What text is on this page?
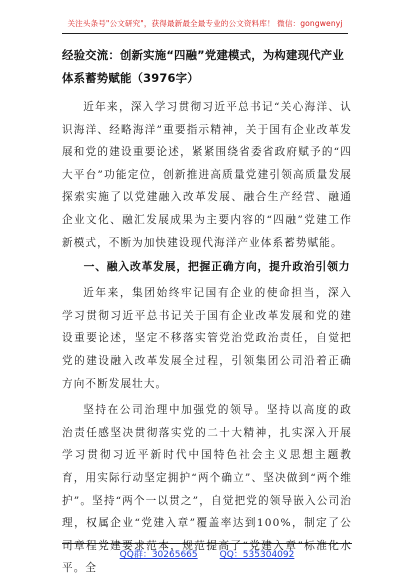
关注头条号"公文研究"，获得最新最全最专业的公文资料库！ 微信：gongwenyj
经验交流：创新实施“四融”党建模式，为构建现代产业体系蓄势赋能（3976字）

近年来，深入学习贯彻习近平总书记“关心海洋、认识海洋、经略海洋”重要指示精神，关于国有企业改革发展和党的建设重要论述，紧紧围绕省委省政府赋予的“四大平台”功能定位，创新推进高质量党建引领高质量发展探索实施了以党建融入改革发展、融合生产经营、融通企业文化、融汇发展成果为主要内容的“四融”党建工作新模式，不断为加快建设现代海洋产业体系蓄势赋能。

一、融入改革发展，把握正确方向，提升政治引领力

近年来，集团始终牢记国有企业的使命担当，深入学习贯彻习近平总书记关于国有企业改革发展和党的建设重要论述，坚定不移落实管党治党政治责任，自觉把党的建设融入改革发展全过程，引领集团公司沿着正确方向不断发展壮大。

坚持在公司治理中加强党的领导。坚持以高度的政治责任感坚决贯彻落实党的二十大精神，扎实深入开展学习贯彻习近平新时代中国特色社会主义思想主题教育，用实际行动坚定拥护“两个确立”、坚决做到“两个维护”。坚持“两个一以贯之”，自觉把党的领导嵌入公司治理，权属企业“党建入章”覆盖率达到100%，制定了公司章程党建要求范本，规范提高了“党建入章”标准化水平。全

QQ群：30265665 QQ：535304092
